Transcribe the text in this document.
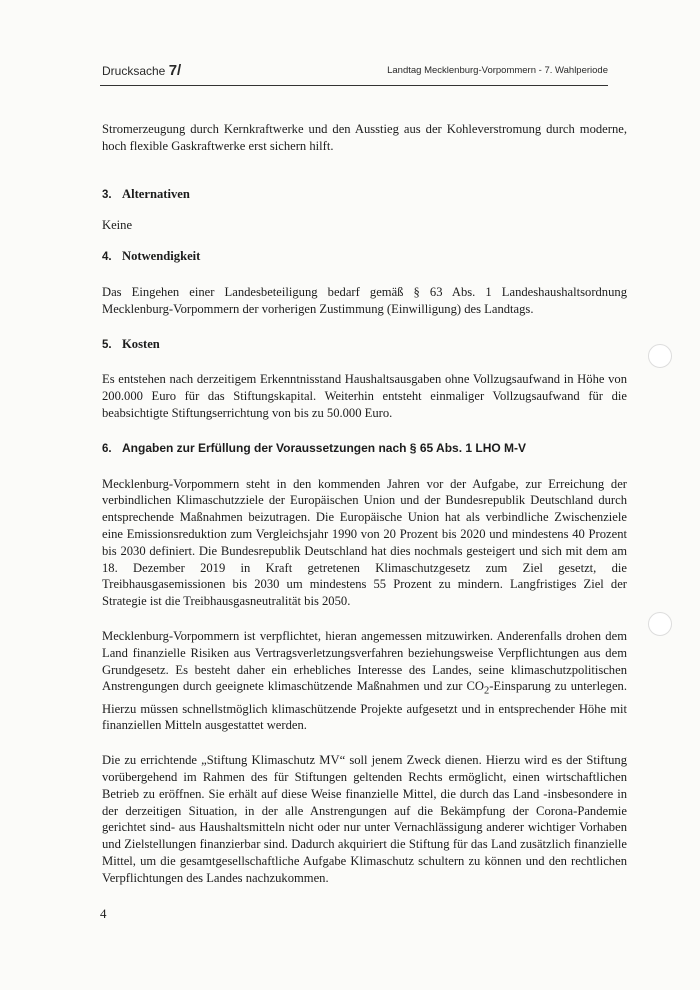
Drucksache 7/	Landtag Mecklenburg-Vorpommern - 7. Wahlperiode

Stromerzeugung durch Kernkraftwerke und den Ausstieg aus der Kohleverstromung durch moderne, hoch flexible Gaskraftwerke erst sichern hilft.

3. Alternativen

Keine

4. Notwendigkeit

Das Eingehen einer Landesbeteiligung bedarf gemäß § 63 Abs. 1 Landeshaushaltsordnung Mecklenburg-Vorpommern der vorherigen Zustimmung (Einwilligung) des Landtags.

5. Kosten

Es entstehen nach derzeitigem Erkenntnisstand Haushaltsausgaben ohne Vollzugsaufwand in Höhe von 200.000 Euro für das Stiftungskapital. Weiterhin entsteht einmaliger Vollzugsaufwand für die beabsichtigte Stiftungserrichtung von bis zu 50.000 Euro.

6. Angaben zur Erfüllung der Voraussetzungen nach § 65 Abs. 1 LHO M-V

Mecklenburg-Vorpommern steht in den kommenden Jahren vor der Aufgabe, zur Erreichung der verbindlichen Klimaschutzziele der Europäischen Union und der Bundesrepublik Deutschland durch entsprechende Maßnahmen beizutragen. Die Europäische Union hat als verbindliche Zwischenziele eine Emissionsreduktion zum Vergleichsjahr 1990 von 20 Prozent bis 2020 und mindestens 40 Prozent bis 2030 definiert. Die Bundesrepublik Deutschland hat dies nochmals gesteigert und sich mit dem am 18. Dezember 2019 in Kraft getretenen Klimaschutzgesetz zum Ziel gesetzt, die Treibhausgasemissionen bis 2030 um mindestens 55 Prozent zu mindern. Langfristiges Ziel der Strategie ist die Treibhausgasneutralität bis 2050.

Mecklenburg-Vorpommern ist verpflichtet, hieran angemessen mitzuwirken. Anderenfalls drohen dem Land finanzielle Risiken aus Vertragsverletzungsverfahren beziehungsweise Verpflichtungen aus dem Grundgesetz. Es besteht daher ein erhebliches Interesse des Landes, seine klimaschutzpolitischen Anstrengungen durch geeignete klimaschützende Maßnahmen und zur $CO_2$-Einsparung zu unterlegen. Hierzu müssen schnellstmöglich klimaschützende Projekte aufgesetzt und in entsprechender Höhe mit finanziellen Mitteln ausgestattet werden.

Die zu errichtende „Stiftung Klimaschutz MV“ soll jenem Zweck dienen. Hierzu wird es der Stiftung vorübergehend im Rahmen des für Stiftungen geltenden Rechts ermöglicht, einen wirtschaftlichen Betrieb zu eröffnen. Sie erhält auf diese Weise finanzielle Mittel, die durch das Land -insbesondere in der derzeitigen Situation, in der alle Anstrengungen auf die Bekämpfung der Corona-Pandemie gerichtet sind- aus Haushaltsmitteln nicht oder nur unter Vernachlässigung anderer wichtiger Vorhaben und Zielstellungen finanzierbar sind. Dadurch akquiriert die Stiftung für das Land zusätzlich finanzielle Mittel, um die gesamtgesellschaftliche Aufgabe Klimaschutz schultern zu können und den rechtlichen Verpflichtungen des Landes nachzukommen.

4
